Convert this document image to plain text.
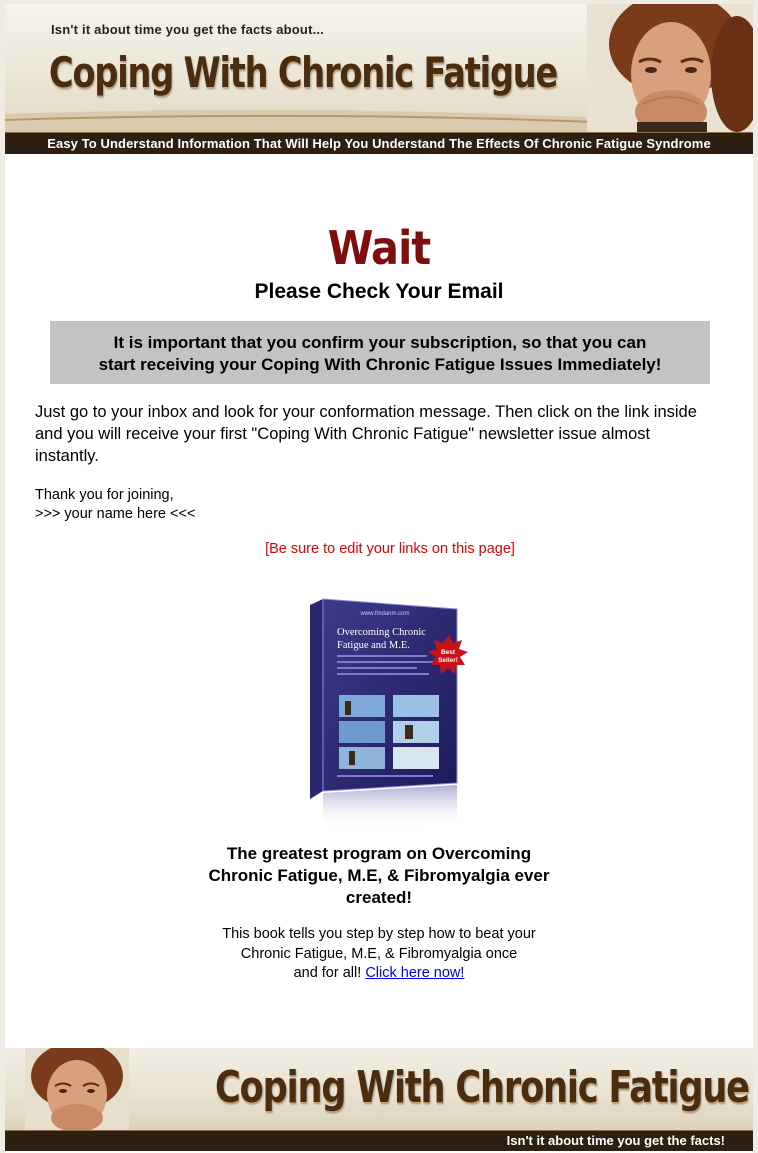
Isn't it about time you get the facts about...
Coping With Chronic Fatigue
Easy To Understand Information That Will Help You Understand The Effects Of Chronic Fatigue Syndrome
Wait
Please Check Your Email
It is important that you confirm your subscription, so that you can
start receiving your Coping With Chronic Fatigue Issues Immediately!
Just go to your inbox and look for your conformation message. Then click on the link inside and you will receive your first "Coping With Chronic Fatigue" newsletter issue almost instantly.
Thank you for joining,
>>> your name here <<<
[Be sure to edit your links on this page]
www.fmdanm.com
Overcoming Chronic
Fatigue and M.E.
Best
Seller!
The greatest program on Overcoming
Chronic Fatigue, M.E, & Fibromyalgia ever
created!
This book tells you step by step how to beat your
Chronic Fatigue, M.E, & Fibromyalgia once
and for all! Click here now!
Coping With Chronic Fatigue
Isn't it about time you get the facts!
